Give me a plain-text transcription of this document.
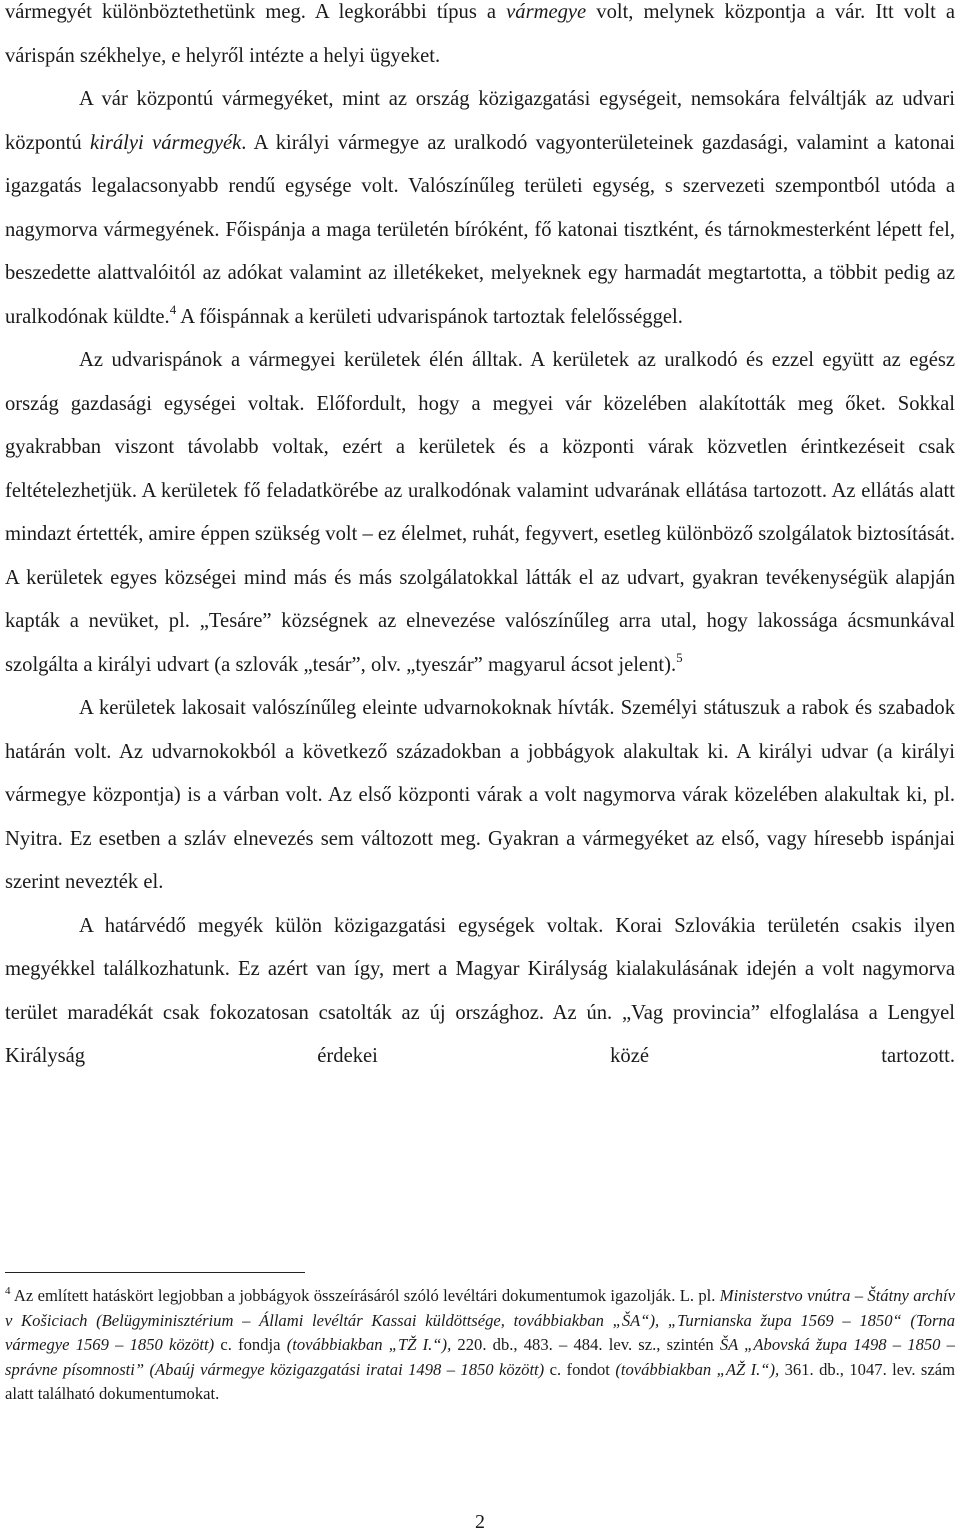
vármegyét különböztethetünk meg. A legkorábbi típus a vármegye volt, melynek központja a vár. Itt volt a várispán székhelye, e helyről intézte a helyi ügyeket.

A vár központú vármegyéket, mint az ország közigazgatási egységeit, nemsokára felváltják az udvari központú királyi vármegyék. A királyi vármegye az uralkodó vagyonterületeinek gazdasági, valamint a katonai igazgatás legalacsonyabb rendű egysége volt. Valószínűleg területi egység, s szervezeti szempontból utóda a nagymorva vármegyének. Főispánja a maga területén bíróként, fő katonai tisztként, és tárnokmesterként lépett fel, beszedette alattvalóitól az adókat valamint az illetékeket, melyeknek egy harmadát megtartotta, a többit pedig az uralkodónak küldte.$^4$ A főispánnak a kerületi udvarispánok tartoztak felelősséggel.

Az udvarispánok a vármegyei kerületek élén álltak. A kerületek az uralkodó és ezzel együtt az egész ország gazdasági egységei voltak. Előfordult, hogy a megyei vár közelében alakították meg őket. Sokkal gyakrabban viszont távolabb voltak, ezért a kerületek és a központi várak közvetlen érintkezéseit csak feltételezhetjük. A kerületek fő feladatkörébe az uralkodónak valamint udvarának ellátása tartozott. Az ellátás alatt mindazt értették, amire éppen szükség volt – ez élelmet, ruhát, fegyvert, esetleg különböző szolgálatok biztosítását. A kerületek egyes községei mind más és más szolgálatokkal látták el az udvart, gyakran tevékenységük alapján kapták a nevüket, pl. „Tesáre” községnek az elnevezése valószínűleg arra utal, hogy lakossága ácsmunkával szolgálta a királyi udvart (a szlovák „tesár”, olv. „tyeszár” magyarul ácsot jelent).$^5$

A kerületek lakosait valószínűleg eleinte udvarnokoknak hívták. Személyi státuszuk a rabok és szabadok határán volt. Az udvarnokokból a következő századokban a jobbágyok alakultak ki. A királyi udvar (a királyi vármegye központja) is a várban volt. Az első központi várak a volt nagymorva várak közelében alakultak ki, pl. Nyitra. Ez esetben a szláv elnevezés sem változott meg. Gyakran a vármegyéket az első, vagy híresebb ispánjai szerint nevezték el.

A határvédő megyék külön közigazgatási egységek voltak. Korai Szlovákia területén csakis ilyen megyékkel találkozhatunk. Ez azért van így, mert a Magyar Királyság kialakulásának idején a volt nagymorva terület maradékát csak fokozatosan csatolták az új országhoz. Az ún. „Vag provincia” elfoglalása a Lengyel Királyság érdekei közé tartozott.

$^4$ Az említett hatáskört legjobban a jobbágyok összeírásáról szóló levéltári dokumentumok igazolják. L. pl. Ministerstvo vnútra – Štátny archív v Košiciach (Belügyminisztérium – Állami levéltár Kassai küldöttsége, továbbiakban „ŠA“), „Turnianska župa 1569 – 1850“ (Torna vármegye 1569 – 1850 között) c. fondja (továbbiakban „TŽ I.“), 220. db., 483. – 484. lev. sz., szintén ŠA „Abovská župa 1498 – 1850 – správne písomnosti” (Abaúj vármegye közigazgatási iratai 1498 – 1850 között) c. fondot (továbbiakban „AŽ I.“), 361. db., 1047. lev. szám alatt található dokumentumokat.
2
